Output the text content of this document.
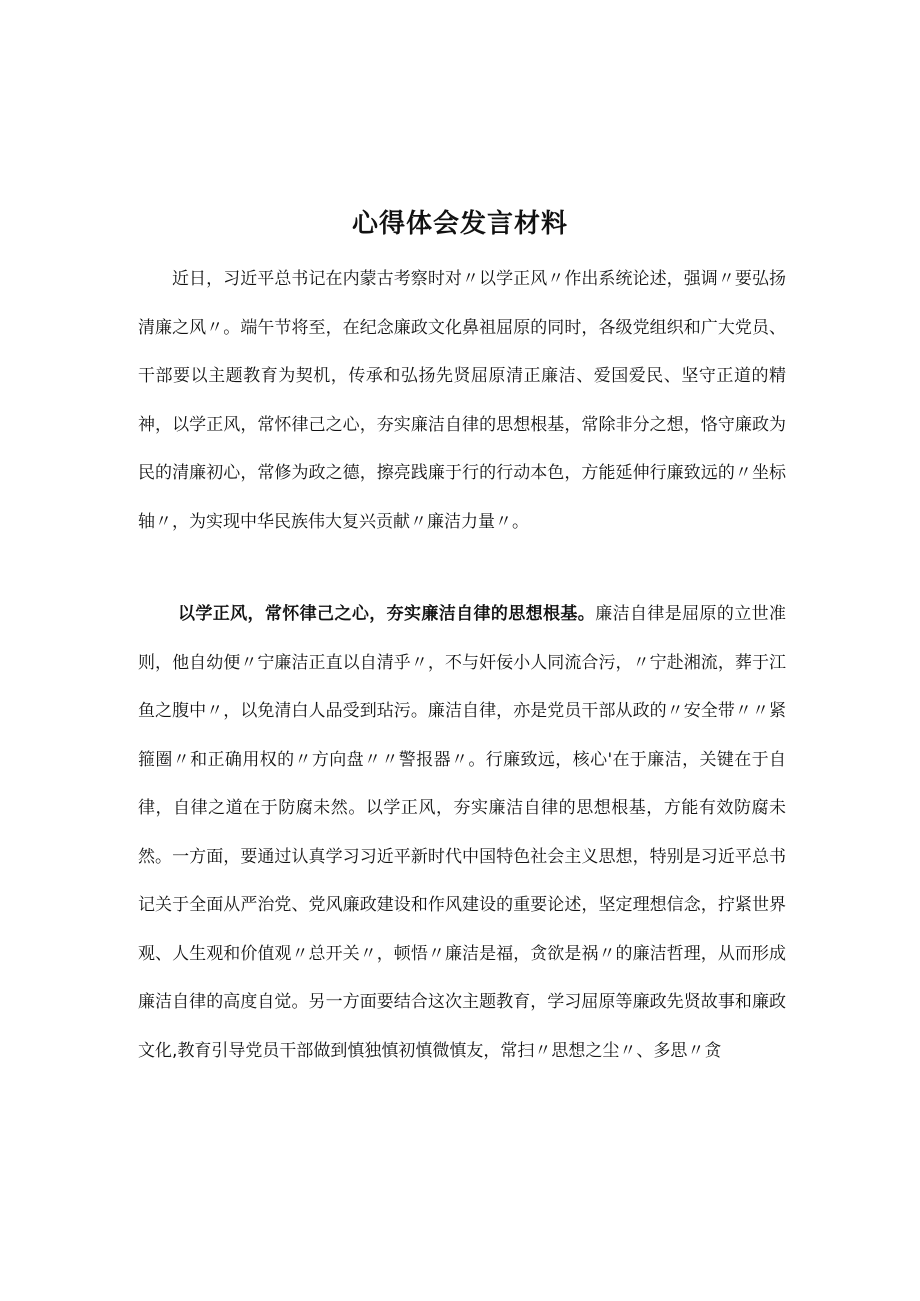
心得体会发言材料

近日，习近平总书记在内蒙古考察时对〃以学正风〃作出系统论述，强调〃要弘扬清廉之风〃。端午节将至，在纪念廉政文化鼻祖屈原的同时，各级党组织和广大党员、干部要以主题教育为契机，传承和弘扬先贤屈原清正廉洁、爱国爱民、坚守正道的精神，以学正风，常怀律己之心，夯实廉洁自律的思想根基，常除非分之想，恪守廉政为民的清廉初心，常修为政之德，擦亮践廉于行的行动本色，方能延伸行廉致远的〃坐标轴〃，为实现中华民族伟大复兴贡献〃廉洁力量〃。

以学正风，常怀律己之心，夯实廉洁自律的思想根基。廉洁自律是屈原的立世准则，他自幼便〃宁廉洁正直以自清乎〃，不与奸佞小人同流合污，〃宁赴湘流，葬于江鱼之腹中〃，以免清白人品受到玷污。廉洁自律，亦是党员干部从政的〃安全带〃〃紧箍圈〃和正确用权的〃方向盘〃〃警报器〃。行廉致远，核心'在于廉洁，关键在于自律，自律之道在于防腐未然。以学正风，夯实廉洁自律的思想根基，方能有效防腐未然。一方面，要通过认真学习习近平新时代中国特色社会主义思想，特别是习近平总书记关于全面从严治党、党风廉政建设和作风建设的重要论述，坚定理想信念，拧紧世界观、人生观和价值观〃总开关〃，顿悟〃廉洁是福，贪欲是祸〃的廉洁哲理，从而形成廉洁自律的高度自觉。另一方面要结合这次主题教育，学习屈原等廉政先贤故事和廉政文化,教育引导党员干部做到慎独慎初慎微慎友，常扫〃思想之尘〃、多思〃贪
